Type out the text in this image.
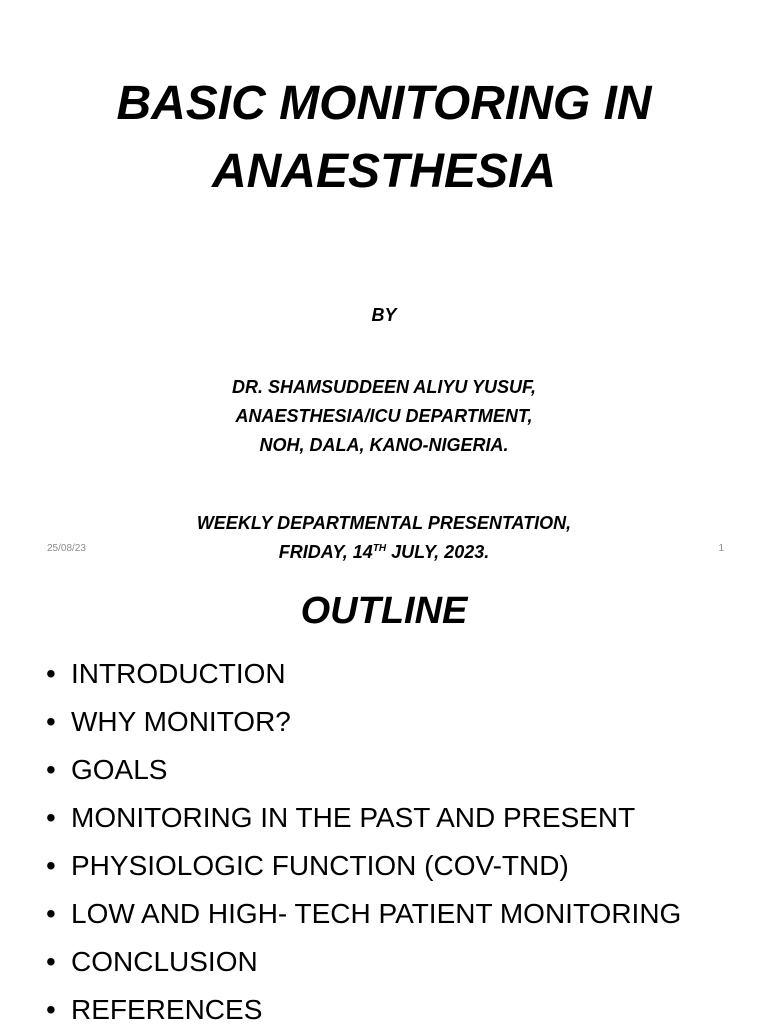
BASIC MONITORING IN
ANAESTHESIA
BY
DR. SHAMSUDDEEN ALIYU YUSUF,
ANAESTHESIA/ICU DEPARTMENT,
NOH, DALA, KANO-NIGERIA.
WEEKLY DEPARTMENTAL PRESENTATION,
FRIDAY, 14TH JULY, 2023.
25/08/23	1
OUTLINE
• INTRODUCTION
• WHY MONITOR?
• GOALS
• MONITORING IN THE PAST AND PRESENT
• PHYSIOLOGIC FUNCTION (COV-TND)
• LOW AND HIGH- TECH PATIENT MONITORING
• CONCLUSION
• REFERENCES
